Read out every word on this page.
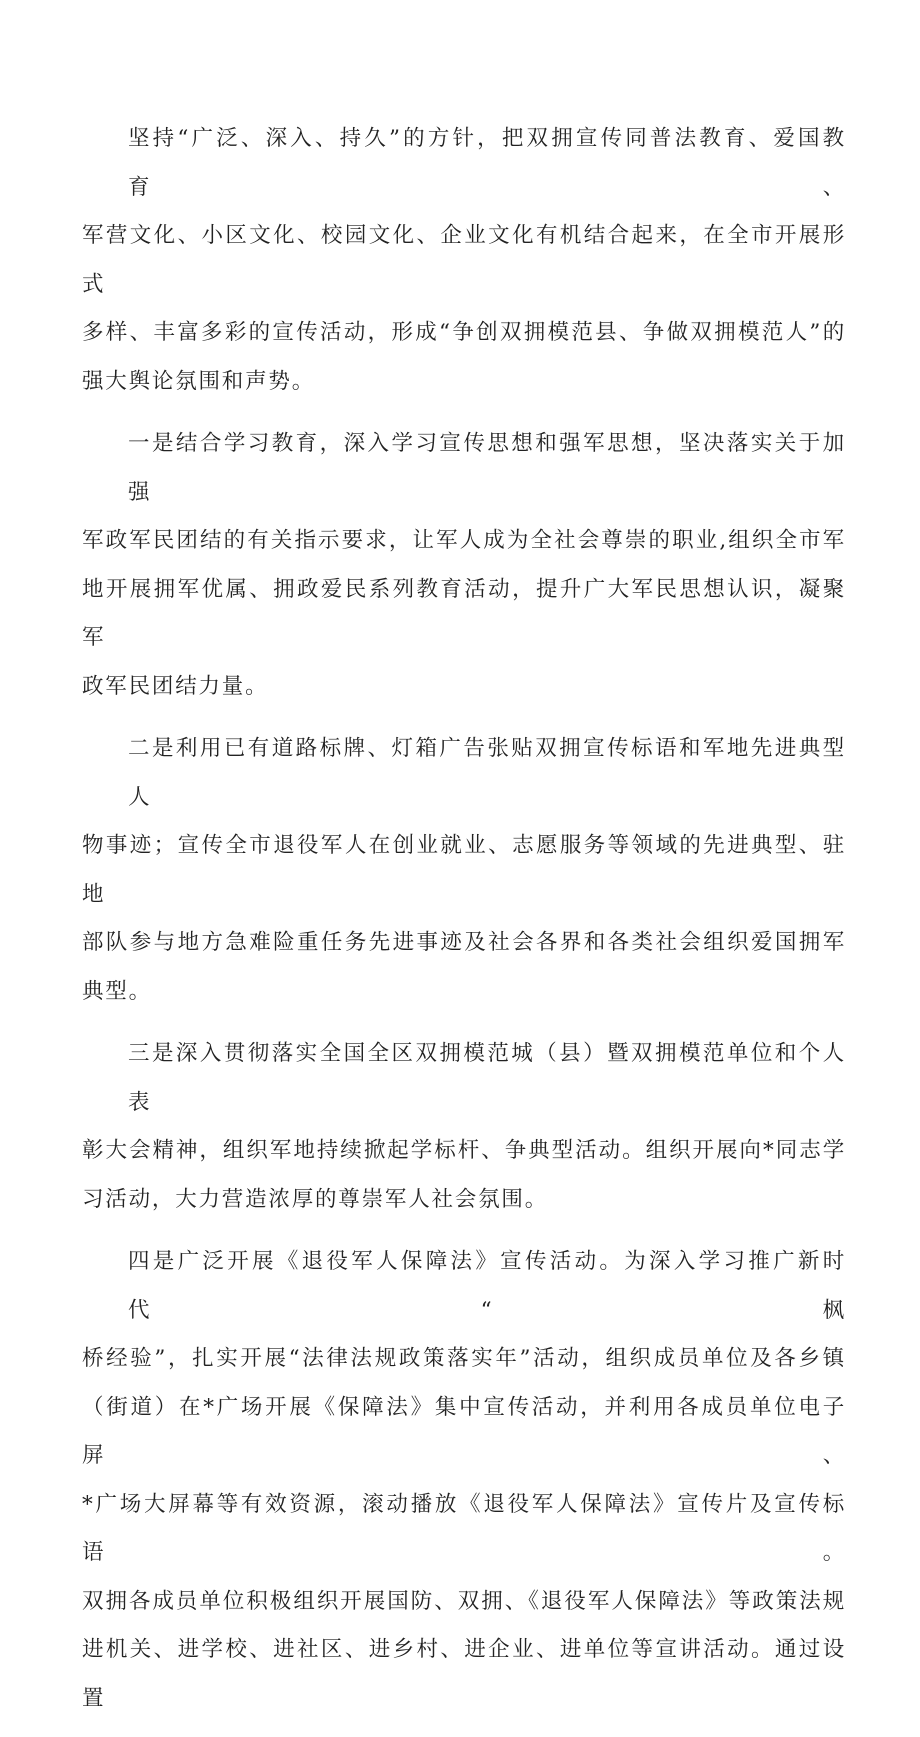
坚持“广泛、深入、持久”的方针，把双拥宣传同普法教育、爱国教育、
军营文化、小区文化、校园文化、企业文化有机结合起来，在全市开展形式
多样、丰富多彩的宣传活动，形成“争创双拥模范县、争做双拥模范人”的
强大舆论氛围和声势。
一是结合学习教育，深入学习宣传思想和强军思想，坚决落实关于加强
军政军民团结的有关指示要求，让军人成为全社会尊崇的职业,组织全市军
地开展拥军优属、拥政爱民系列教育活动，提升广大军民思想认识，凝聚军
政军民团结力量。
二是利用已有道路标牌、灯箱广告张贴双拥宣传标语和军地先进典型人
物事迹；宣传全市退役军人在创业就业、志愿服务等领域的先进典型、驻地
部队参与地方急难险重任务先进事迹及社会各界和各类社会组织爱国拥军
典型。
三是深入贯彻落实全国全区双拥模范城（县）暨双拥模范单位和个人表
彰大会精神，组织军地持续掀起学标杆、争典型活动。组织开展向*同志学
习活动，大力营造浓厚的尊崇军人社会氛围。
四是广泛开展《退役军人保障法》宣传活动。为深入学习推广新时代“枫
桥经验”，扎实开展“法律法规政策落实年”活动，组织成员单位及各乡镇
（街道）在*广场开展《保障法》集中宣传活动，并利用各成员单位电子屏、
*广场大屏幕等有效资源，滚动播放《退役军人保障法》宣传片及宣传标语。
双拥各成员单位积极组织开展国防、双拥、《退役军人保障法》等政策法规
进机关、进学校、进社区、进乡村、进企业、进单位等宣讲活动。通过设置
